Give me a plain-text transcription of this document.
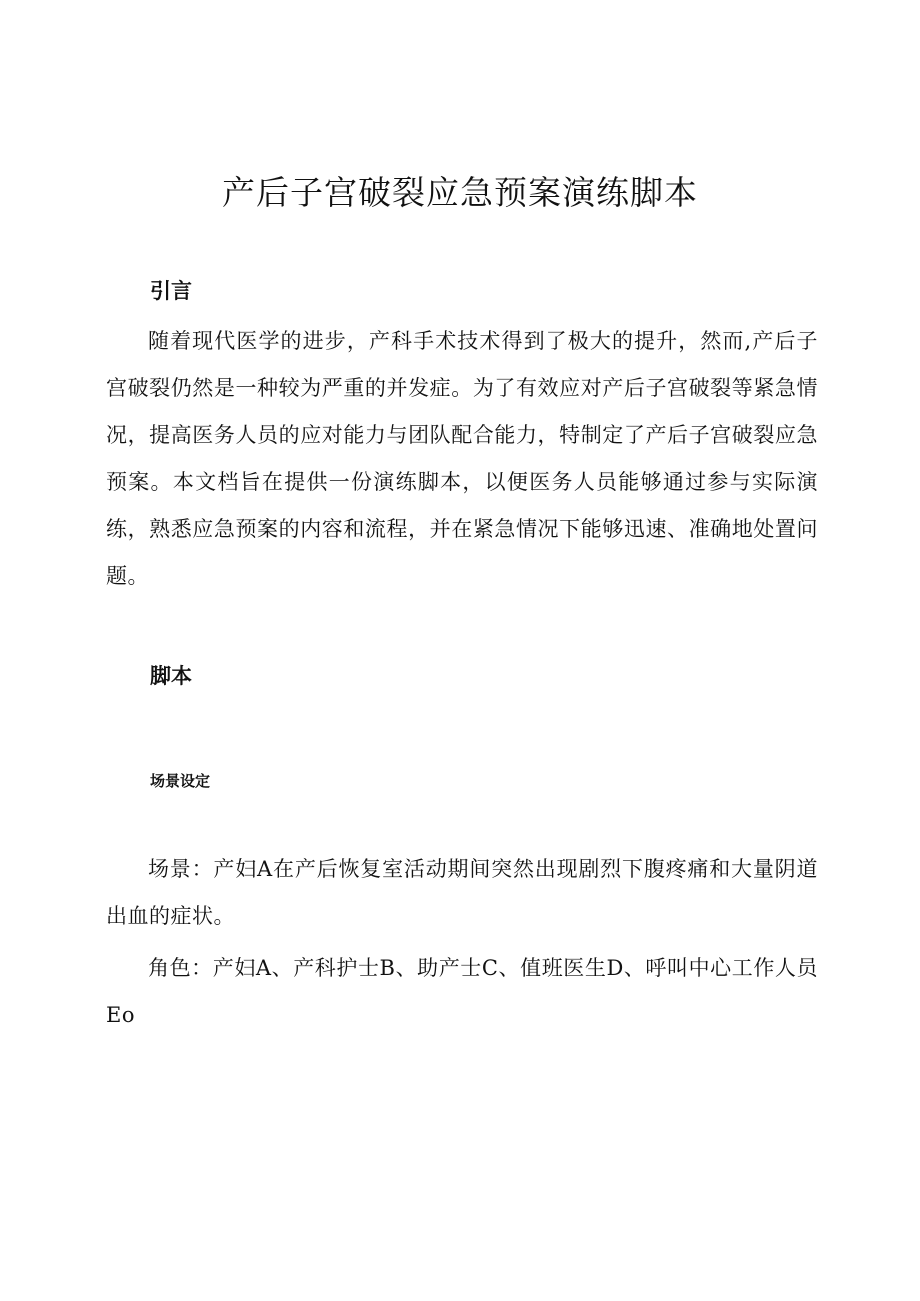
产后子宫破裂应急预案演练脚本
引言

随着现代医学的进步，产科手术技术得到了极大的提升，然而,产后子宫破裂仍然是一种较为严重的并发症。为了有效应对产后子宫破裂等紧急情况，提高医务人员的应对能力与团队配合能力，特制定了产后子宫破裂应急预案。本文档旨在提供一份演练脚本，以便医务人员能够通过参与实际演练，熟悉应急预案的内容和流程，并在紧急情况下能够迅速、准确地处置问题。

脚本
场景设定

场景：产妇A在产后恢复室活动期间突然出现剧烈下腹疼痛和大量阴道出血的症状。

角色：产妇A、产科护士B、助产士C、值班医生D、呼叫中心工作人员Eo
